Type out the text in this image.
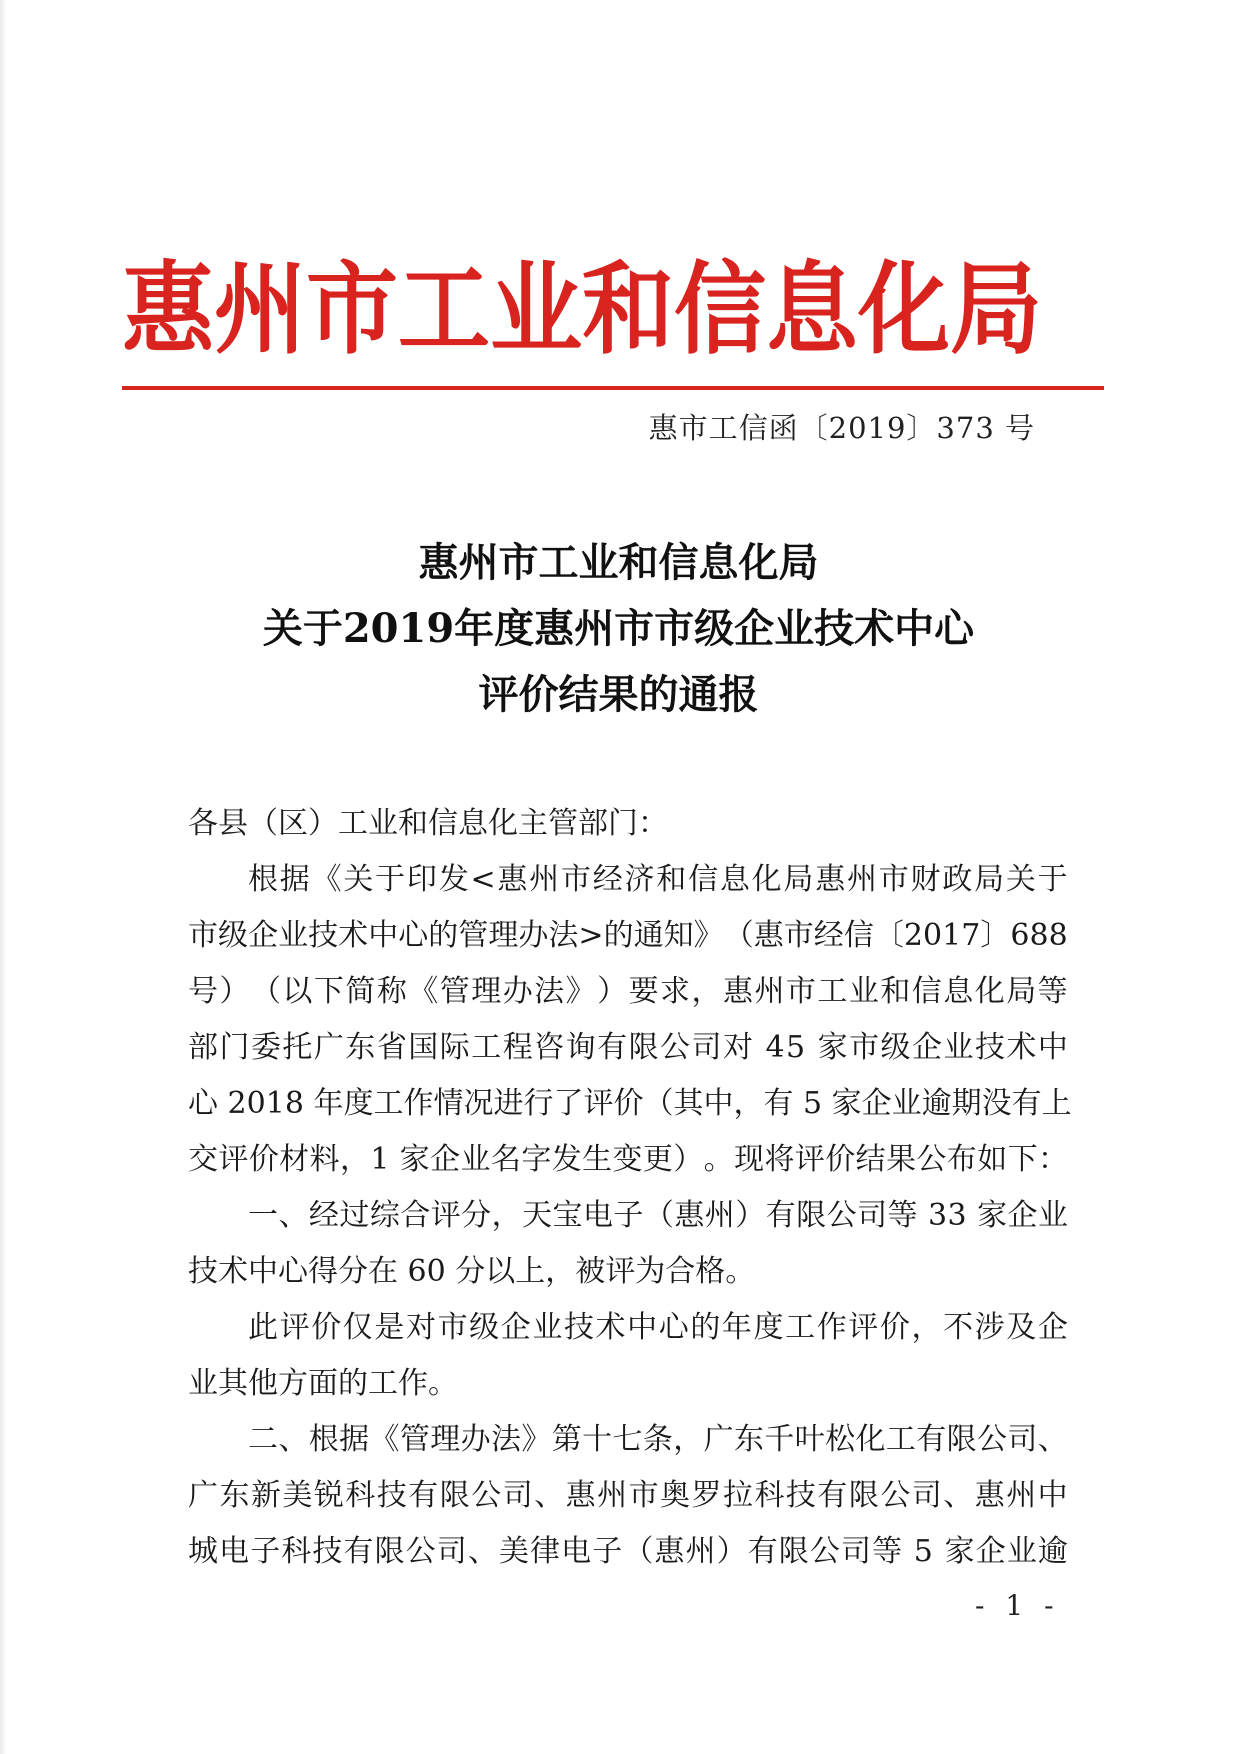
惠 州 市 工 业 和 信 息 化 局
惠市工信函〔2019〕373 号
惠州市工业和信息化局
关于2019年度惠州市市级企业技术中心
评价结果的通报
各县（区）工业和信息化主管部门：
根 据 《 关 于 印 发 < 惠 州 市 经 济 和 信 息 化 局 惠 州 市 财 政 局 关 于
市 级 企 业 技 术 中 心 的 管 理 办 法 > 的 通 知 》 （ 惠 市 经 信 〔 2 0 1 7 〕 6 8 8
号 ） （ 以 下 简 称 《 管 理 办 法 》 ） 要 求 ， 惠 州 市 工 业 和 信 息 化 局 等
部 门 委 托 广 东 省 国 际 工 程 咨 询 有 限 公 司 对
4 5
家 市 级 企 业 技 术 中
心
2 0 1 8
年 度 工 作 情 况 进 行 了 评 价 （ 其 中 ， 有
5
家 企 业 逾 期 没 有 上
交 评 价 材 料 ， 1
家 企 业 名 字 发 生 变 更 ） 。 现 将 评 价 结 果 公 布 如 下 ：
一 、 经 过 综 合 评 分 ， 天 宝 电 子 （ 惠 州 ） 有 限 公 司 等
3 3
家 企 业
技术中心得分在 60 分以上，被评为合格。
此 评 价 仅 是 对 市 级 企 业 技 术 中 心 的 年 度 工 作 评 价 ， 不 涉 及 企
业其他方面的工作。
二 、 根 据 《 管 理 办 法 》 第 十 七 条 ， 广 东 千 叶 松 化 工 有 限 公 司 、
广 东 新 美 锐 科 技 有 限 公 司 、 惠 州 市 奥 罗 拉 科 技 有 限 公 司 、 惠 州 中
城 电 子 科 技 有 限 公 司 、 美 律 电 子 （ 惠 州 ） 有 限 公 司 等
5
家 企 业 逾
- 1 -
